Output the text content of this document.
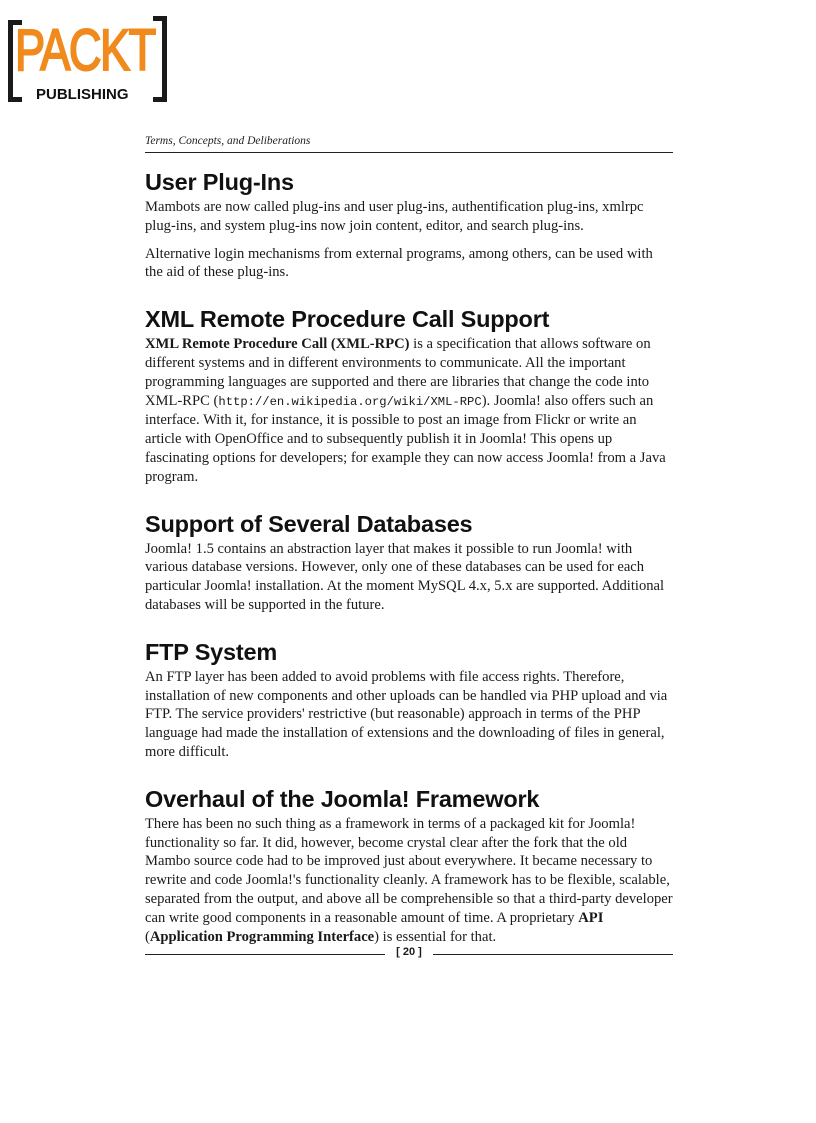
PACKT
PUBLISHING

Terms, Concepts, and Deliberations

User Plug-Ins

Mambots are now called plug-ins and user plug-ins, authentification plug-ins, xmlrpc plug-ins, and system plug-ins now join content, editor, and search plug-ins.

Alternative login mechanisms from external programs, among others, can be used with the aid of these plug-ins.

XML Remote Procedure Call Support

XML Remote Procedure Call (XML-RPC) is a specification that allows software on different systems and in different environments to communicate. All the important programming languages are supported and there are libraries that change the code into XML-RPC (http://en.wikipedia.org/wiki/XML-RPC). Joomla! also offers such an interface. With it, for instance, it is possible to post an image from Flickr or write an article with OpenOffice and to subsequently publish it in Joomla! This opens up fascinating options for developers; for example they can now access Joomla! from a Java program.

Support of Several Databases

Joomla! 1.5 contains an abstraction layer that makes it possible to run Joomla! with various database versions. However, only one of these databases can be used for each particular Joomla! installation. At the moment MySQL 4.x, 5.x are supported. Additional databases will be supported in the future.

FTP System

An FTP layer has been added to avoid problems with file access rights. Therefore, installation of new components and other uploads can be handled via PHP upload and via FTP. The service providers' restrictive (but reasonable) approach in terms of the PHP language had made the installation of extensions and the downloading of files in general, more difficult.

Overhaul of the Joomla! Framework

There has been no such thing as a framework in terms of a packaged kit for Joomla! functionality so far. It did, however, become crystal clear after the fork that the old Mambo source code had to be improved just about everywhere. It became necessary to rewrite and code Joomla!'s functionality cleanly. A framework has to be flexible, scalable, separated from the output, and above all be comprehensible so that a third-party developer can write good components in a reasonable amount of time. A proprietary API (Application Programming Interface) is essential for that.

[ 20 ]
